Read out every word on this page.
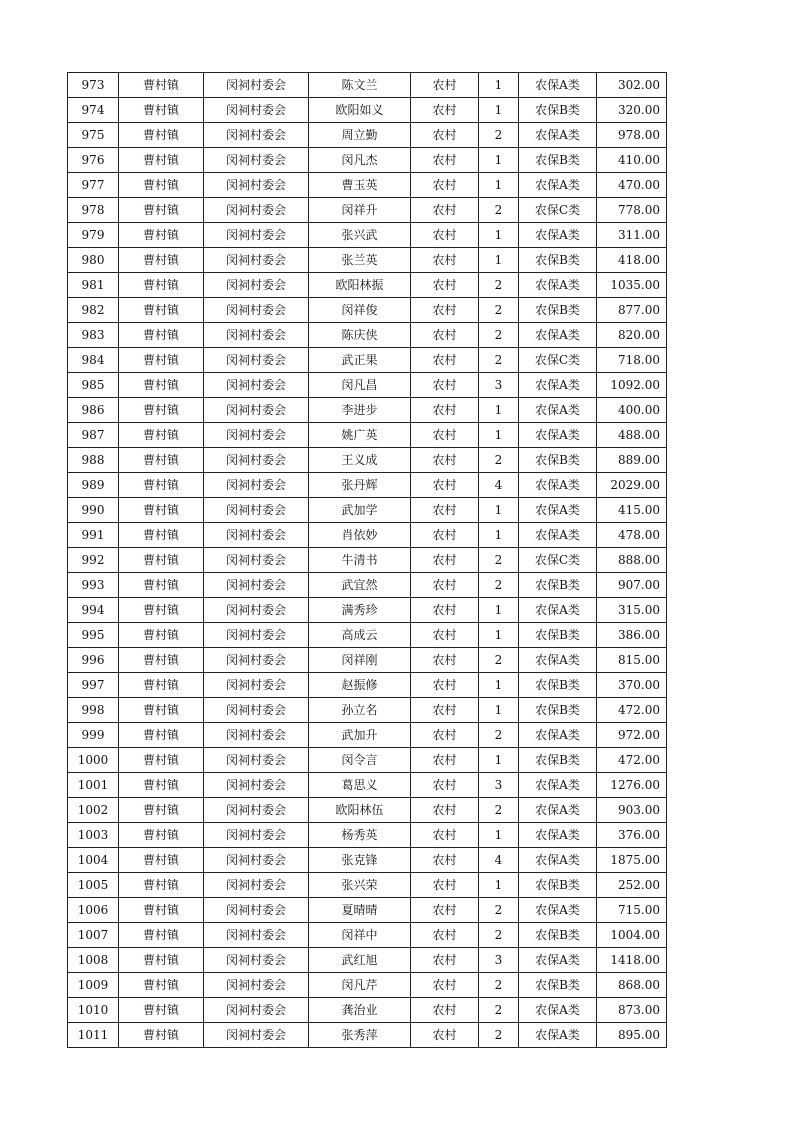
973	曹村镇	闵祠村委会	陈文兰	农村	1	农保A类	302.00
974	曹村镇	闵祠村委会	欧阳如义	农村	1	农保B类	320.00
975	曹村镇	闵祠村委会	周立勤	农村	2	农保A类	978.00
976	曹村镇	闵祠村委会	闵凡杰	农村	1	农保B类	410.00
977	曹村镇	闵祠村委会	曹玉英	农村	1	农保A类	470.00
978	曹村镇	闵祠村委会	闵祥升	农村	2	农保C类	778.00
979	曹村镇	闵祠村委会	张兴武	农村	1	农保A类	311.00
980	曹村镇	闵祠村委会	张兰英	农村	1	农保B类	418.00
981	曹村镇	闵祠村委会	欧阳林振	农村	2	农保A类	1035.00
982	曹村镇	闵祠村委会	闵祥俊	农村	2	农保B类	877.00
983	曹村镇	闵祠村委会	陈庆侠	农村	2	农保A类	820.00
984	曹村镇	闵祠村委会	武正果	农村	2	农保C类	718.00
985	曹村镇	闵祠村委会	闵凡昌	农村	3	农保A类	1092.00
986	曹村镇	闵祠村委会	李进步	农村	1	农保A类	400.00
987	曹村镇	闵祠村委会	姚广英	农村	1	农保A类	488.00
988	曹村镇	闵祠村委会	王义成	农村	2	农保B类	889.00
989	曹村镇	闵祠村委会	张丹辉	农村	4	农保A类	2029.00
990	曹村镇	闵祠村委会	武加学	农村	1	农保A类	415.00
991	曹村镇	闵祠村委会	肖依妙	农村	1	农保A类	478.00
992	曹村镇	闵祠村委会	牛清书	农村	2	农保C类	888.00
993	曹村镇	闵祠村委会	武宜然	农村	2	农保B类	907.00
994	曹村镇	闵祠村委会	满秀珍	农村	1	农保A类	315.00
995	曹村镇	闵祠村委会	高成云	农村	1	农保B类	386.00
996	曹村镇	闵祠村委会	闵祥刚	农村	2	农保A类	815.00
997	曹村镇	闵祠村委会	赵振修	农村	1	农保B类	370.00
998	曹村镇	闵祠村委会	孙立名	农村	1	农保B类	472.00
999	曹村镇	闵祠村委会	武加升	农村	2	农保A类	972.00
1000	曹村镇	闵祠村委会	闵令言	农村	1	农保B类	472.00
1001	曹村镇	闵祠村委会	葛思义	农村	3	农保A类	1276.00
1002	曹村镇	闵祠村委会	欧阳林伍	农村	2	农保A类	903.00
1003	曹村镇	闵祠村委会	杨秀英	农村	1	农保A类	376.00
1004	曹村镇	闵祠村委会	张克锋	农村	4	农保A类	1875.00
1005	曹村镇	闵祠村委会	张兴荣	农村	1	农保B类	252.00
1006	曹村镇	闵祠村委会	夏晴晴	农村	2	农保A类	715.00
1007	曹村镇	闵祠村委会	闵祥中	农村	2	农保B类	1004.00
1008	曹村镇	闵祠村委会	武红旭	农村	3	农保A类	1418.00
1009	曹村镇	闵祠村委会	闵凡芹	农村	2	农保B类	868.00
1010	曹村镇	闵祠村委会	龚治业	农村	2	农保A类	873.00
1011	曹村镇	闵祠村委会	张秀萍	农村	2	农保A类	895.00
